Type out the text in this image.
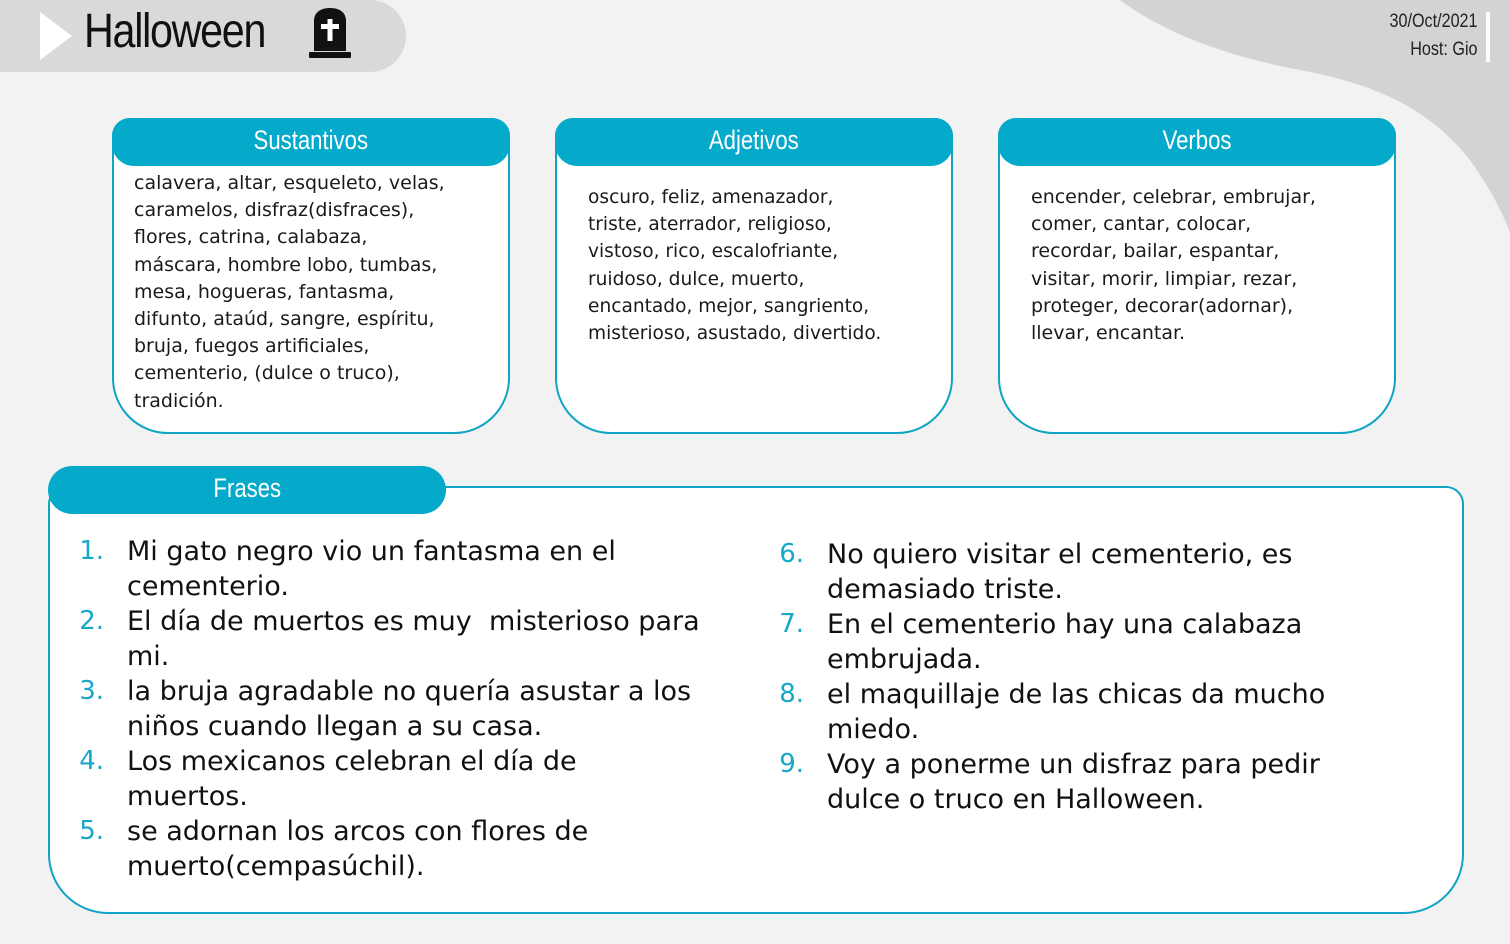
Halloween	30/Oct/2021
Host: Gio
Sustantivos
calavera, altar, esqueleto, velas,
caramelos, disfraz(disfraces),
flores, catrina, calabaza,
máscara, hombre lobo, tumbas,
mesa, hogueras, fantasma,
difunto, ataúd, sangre, espíritu,
bruja, fuegos artificiales,
cementerio, (dulce o truco),
tradición.
Adjetivos
oscuro, feliz, amenazador,
triste, aterrador, religioso,
vistoso, rico, escalofriante,
ruidoso, dulce, muerto,
encantado, mejor, sangriento,
misterioso, asustado, divertido.
Verbos
encender, celebrar, embrujar,
comer, cantar, colocar,
recordar, bailar, espantar,
visitar, morir, limpiar, rezar,
proteger, decorar(adornar),
llevar, encantar.
Frases
1. Mi gato negro vio un fantasma en el
cementerio.
2. El día de muertos es muy  misterioso para
mi.
3. la bruja agradable no quería asustar a los
niños cuando llegan a su casa.
4. Los mexicanos celebran el día de
muertos.
5. se adornan los arcos con flores de
muerto(cempasúchil).
6. No quiero visitar el cementerio, es
demasiado triste.
7. En el cementerio hay una calabaza
embrujada.
8. el maquillaje de las chicas da mucho
miedo.
9. Voy a ponerme un disfraz para pedir
dulce o truco en Halloween.
